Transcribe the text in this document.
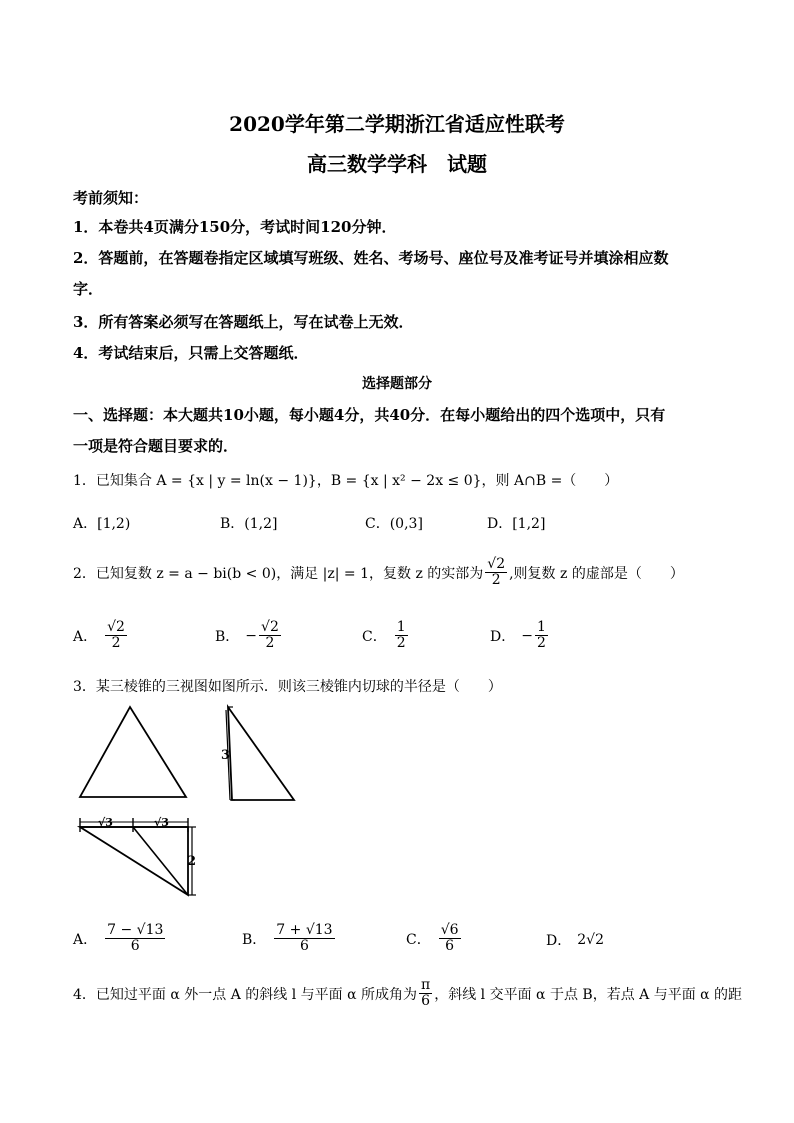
2020学年第二学期浙江省适应性联考
高三数学学科　试题
考前须知：
1．本卷共4页满分150分，考试时间120分钟．
2．答题前，在答题卷指定区域填写班级、姓名、考场号、座位号及准考证号并填涂相应数
字．
3．所有答案必须写在答题纸上，写在试卷上无效．
4．考试结束后，只需上交答题纸．
选择题部分
一、选择题：本大题共10小题，每小题4分，共40分．在每小题给出的四个选项中，只有
一项是符合题目要求的．
1．已知集合 A = {x | y = ln(x − 1)}，B = {x | x² − 2x ≤ 0}，则 A∩B =（　　）
A．[1,2)	B．(1,2]	C．(0,3]	D．[1,2]
2．已知复数 z = a − bi(b < 0)，满足 |z| = 1，复数 z 的实部为 $\frac{√2}{2}$ ,则复数 z 的虚部是（　　）
A． $\frac{√2}{2}$	B． − $\frac{√2}{2}$	C． $\frac{1}{2}$	D． − $\frac{1}{2}$
3．某三棱锥的三视图如图所示．则该三棱锥内切球的半径是（　　）
3
√3	√3
2
A． $\frac{7 - √13}{6}$	B． $\frac{7 + √13}{6}$	C． $\frac{√6}{6}$	D． 2√2
4．已知过平面 α 外一点 A 的斜线 l 与平面 α 所成角为 $\frac{\pi}{6}$ ，斜线 l 交平面 α 于点 B，若点 A 与平面 α 的距
